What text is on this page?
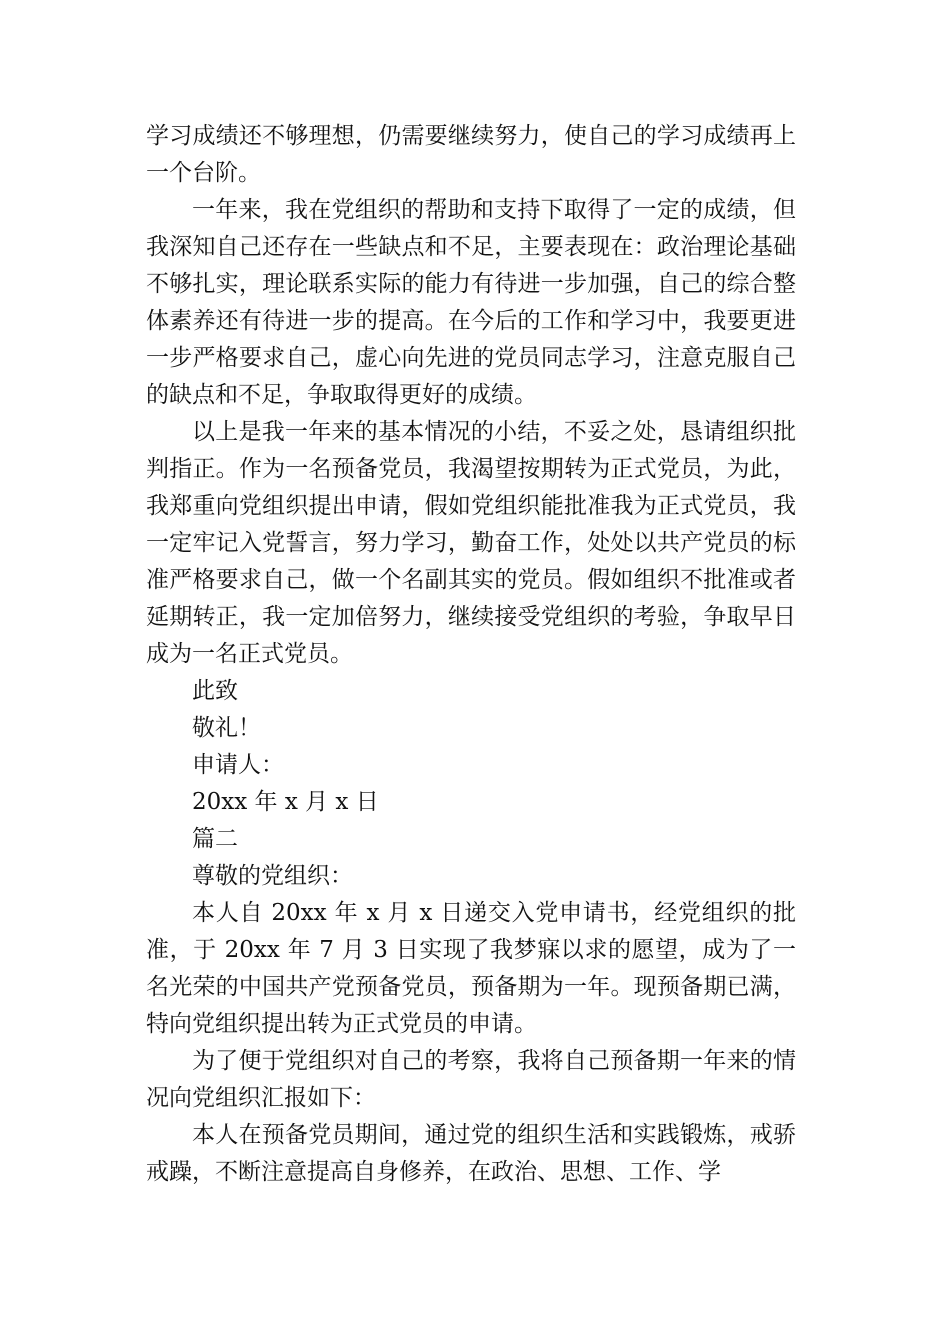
学习成绩还不够理想，仍需要继续努力，使自己的学习成绩再上一个台阶。

一年来，我在党组织的帮助和支持下取得了一定的成绩，但我深知自己还存在一些缺点和不足，主要表现在：政治理论基础不够扎实，理论联系实际的能力有待进一步加强，自己的综合整体素养还有待进一步的提高。在今后的工作和学习中，我要更进一步严格要求自己，虚心向先进的党员同志学习，注意克服自己的缺点和不足，争取取得更好的成绩。

以上是我一年来的基本情况的小结，不妥之处，恳请组织批判指正。作为一名预备党员，我渴望按期转为正式党员，为此，我郑重向党组织提出申请，假如党组织能批准我为正式党员，我一定牢记入党誓言，努力学习，勤奋工作，处处以共产党员的标准严格要求自己，做一个名副其实的党员。假如组织不批准或者延期转正，我一定加倍努力，继续接受党组织的考验，争取早日成为一名正式党员。

此致

敬礼！

申请人：

20xx 年 x 月 x 日

篇二

尊敬的党组织：

本人自 20xx 年 x 月 x 日递交入党申请书，经党组织的批准，于 20xx 年 7 月 3 日实现了我梦寐以求的愿望，成为了一名光荣的中国共产党预备党员，预备期为一年。现预备期已满，特向党组织提出转为正式党员的申请。

为了便于党组织对自己的考察，我将自己预备期一年来的情况向党组织汇报如下：

本人在预备党员期间，通过党的组织生活和实践锻炼，戒骄戒躁，不断注意提高自身修养，在政治、思想、工作、学
